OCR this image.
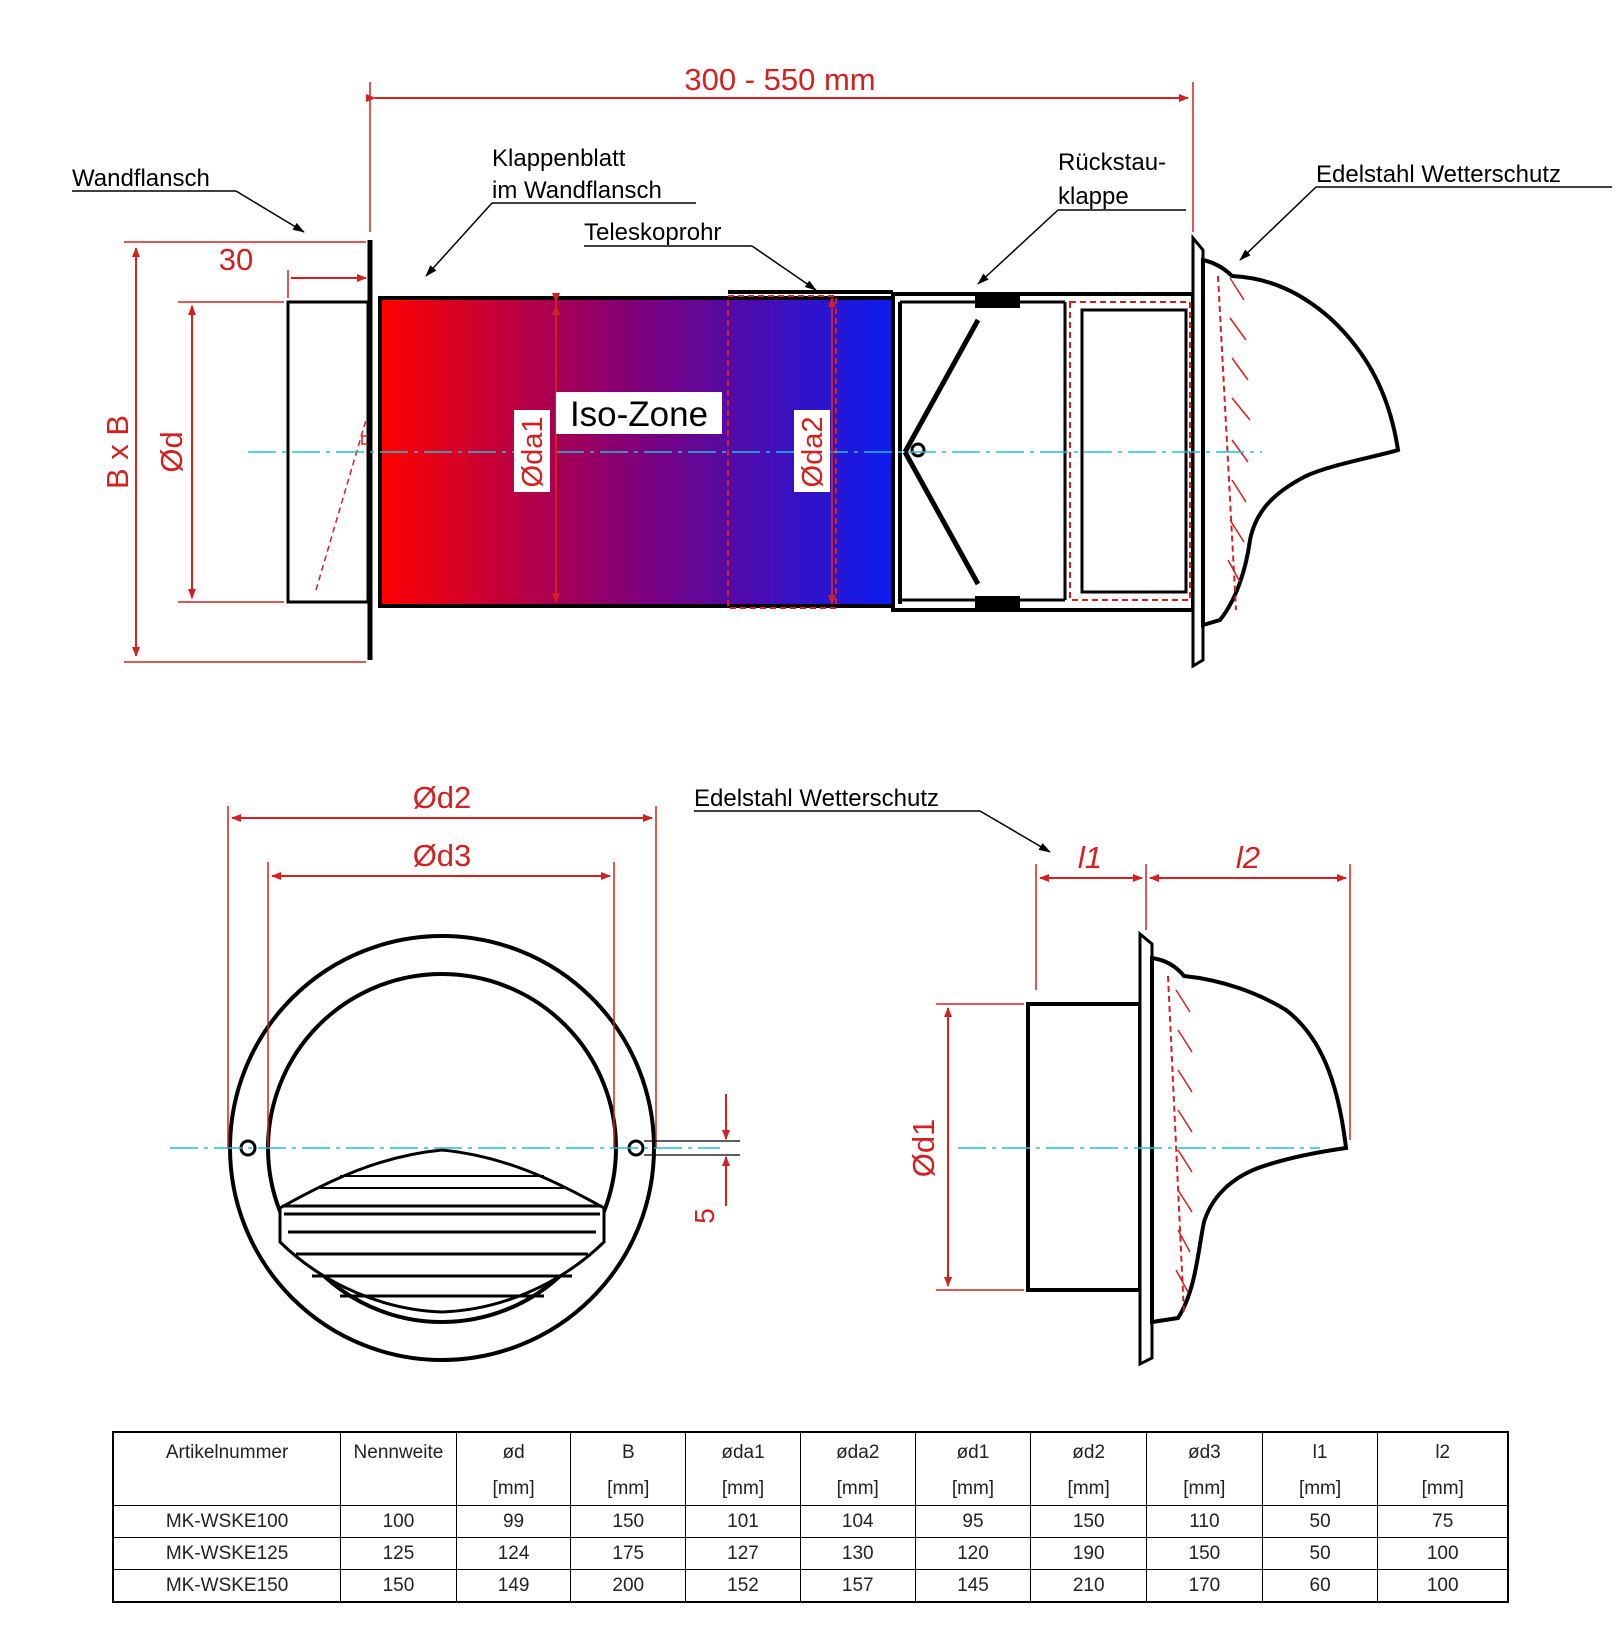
300 - 550 mm
30
B x B Ød	Øda1	Øda2
Iso-Zone
Wandflansch
Klappenblatt
im Wandflansch
Teleskoprohr
Rückstau-
klappe
Edelstahl Wetterschutz
Ød2
Ød3
5
Edelstahl Wetterschutz
l1	l2
Ød1
Artikelnummer	Nennweite	ød	B	øda1	øda2	ød1	ød2	ød3	l1	l2
		[mm]	[mm]	[mm]	[mm]	[mm]	[mm]	[mm]	[mm]	[mm]
MK-WSKE100	100	99	150	101	104	95	150	110	50	75
MK-WSKE125	125	124	175	127	130	120	190	150	50	100
MK-WSKE150	150	149	200	152	157	145	210	170	60	100
